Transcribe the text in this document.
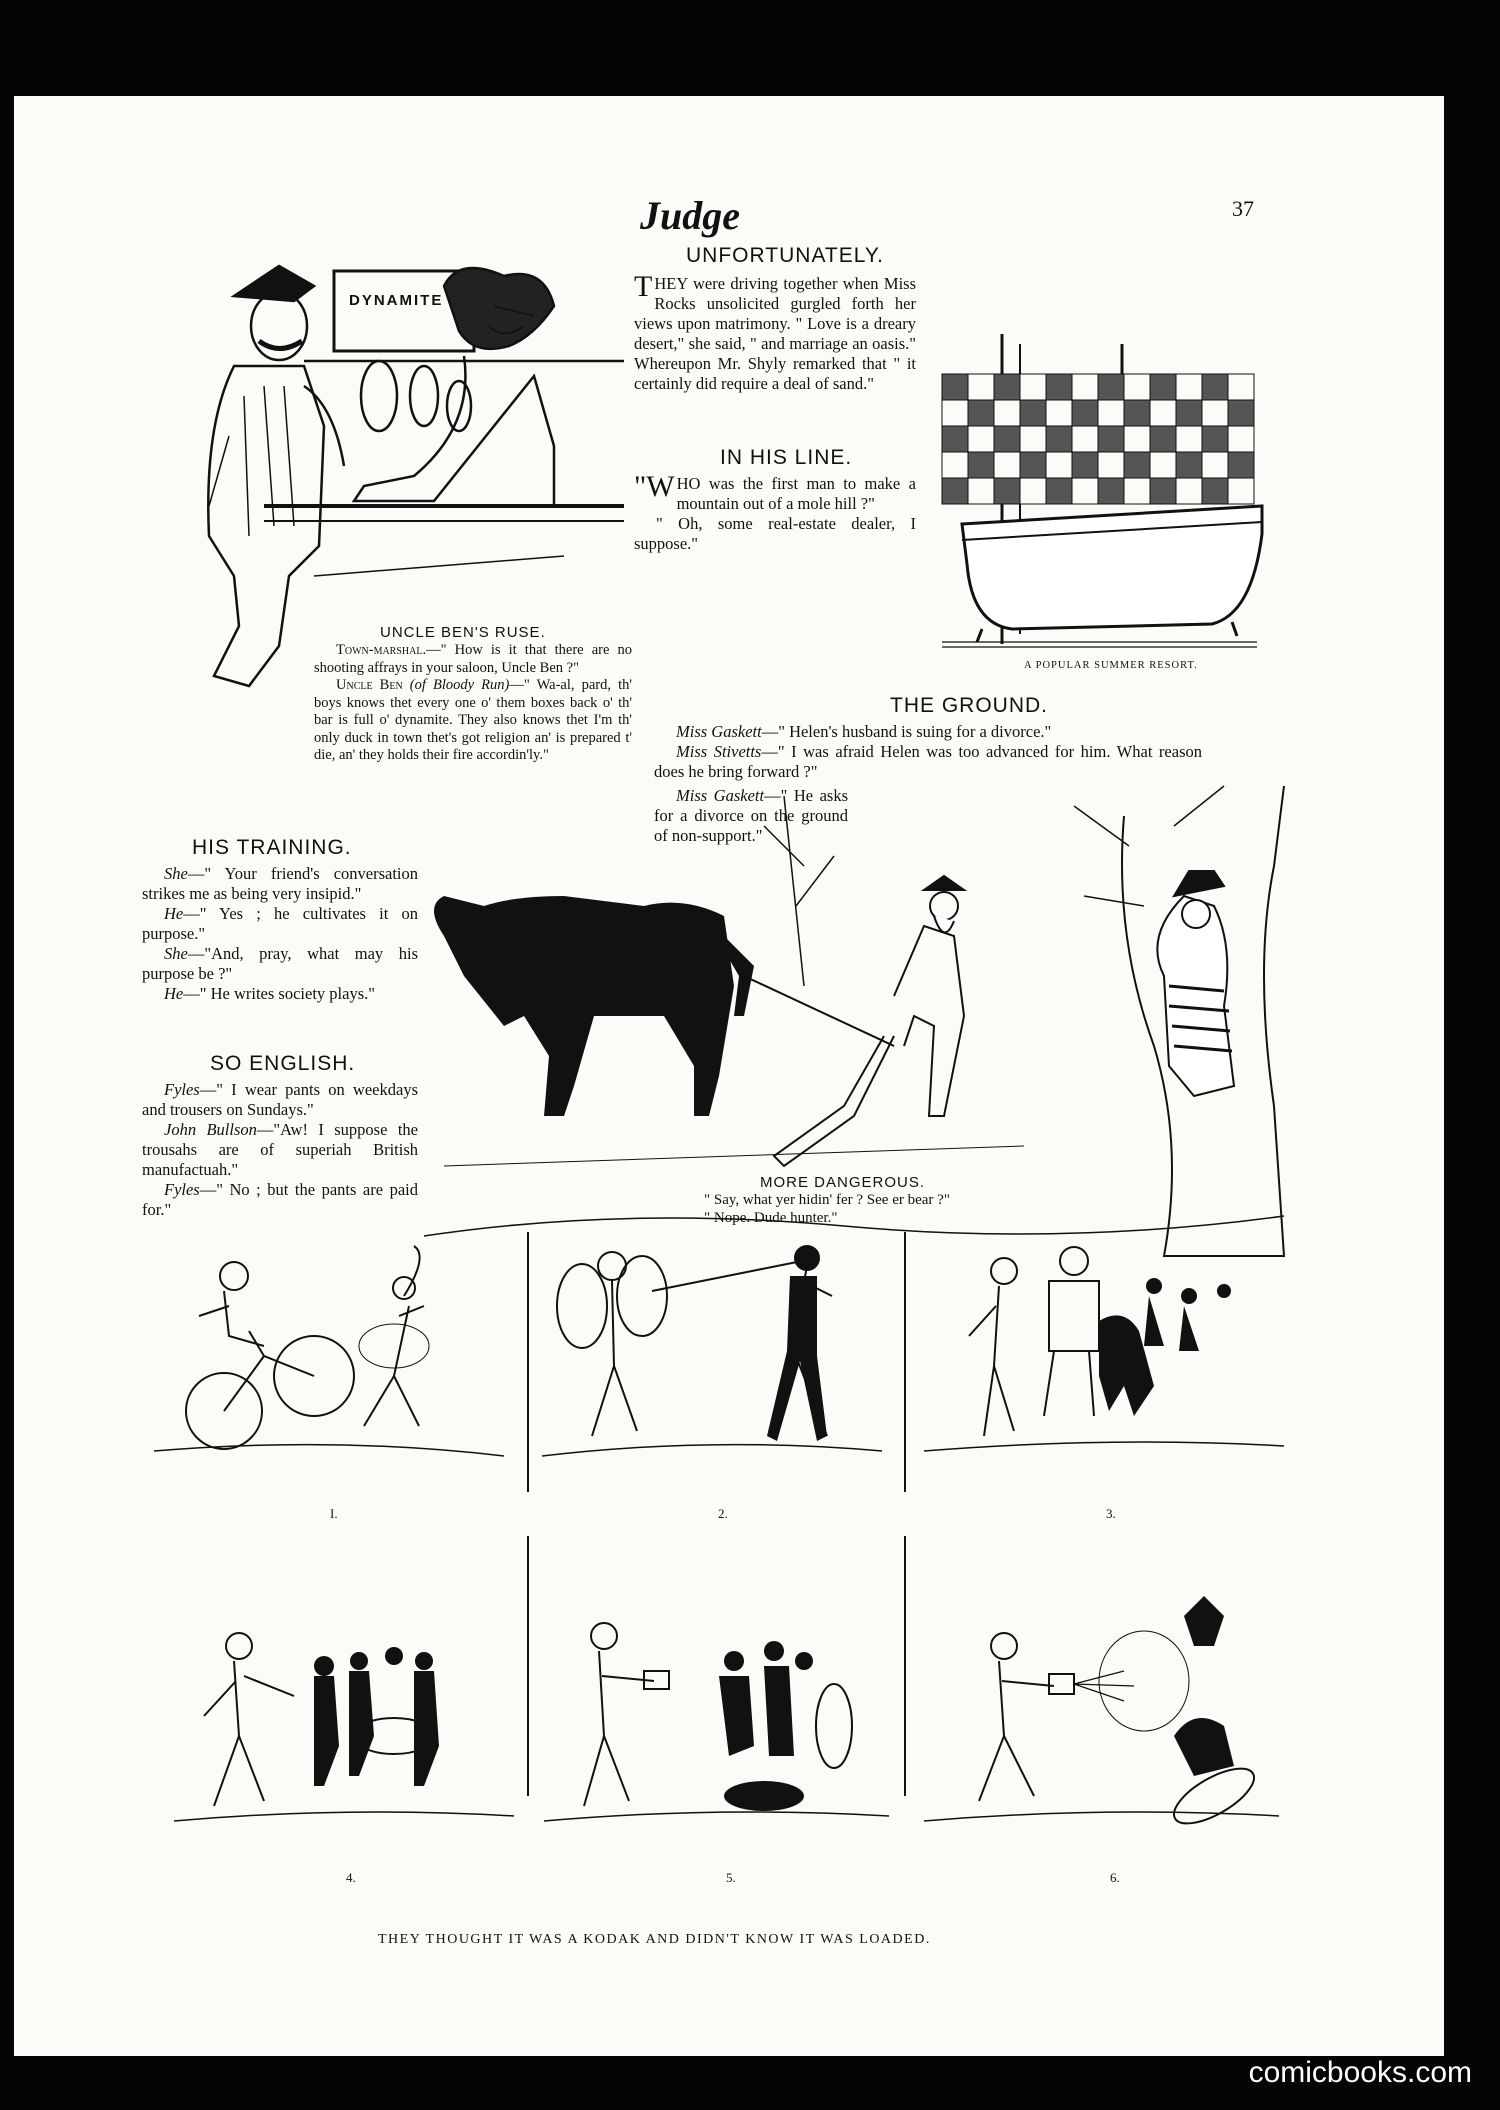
Judge	37
DYNAMITE
UNCLE BEN'S RUSE.

Town-marshal.—" How is it that there are no shooting affrays in your saloon, Uncle Ben ?"

Uncle Ben (of Bloody Run)—" Wa-al, pard, th' boys knows thet every one o' them boxes back o' th' bar is full o' dynamite. They also knows thet I'm th' only duck in town thet's got religion an' is prepared t' die, an' they holds their fire accordin'ly."

UNFORTUNATELY.

THEY were driving together when Miss Rocks unsolicited gurgled forth her views upon matrimony. " Love is a dreary desert," she said, " and marriage an oasis." Whereupon Mr. Shyly remarked that " it certainly did require a deal of sand."

IN HIS LINE.

"WHO was the first man to make a mountain out of a mole hill ?"

" Oh, some real-estate dealer, I suppose."

A POPULAR SUMMER RESORT.
THE GROUND.

Miss Gaskett—" Helen's husband is suing for a divorce."

Miss Stivetts—" I was afraid Helen was too advanced for him. What reason does he bring forward ?"

Miss Gaskett—" He asks for a divorce on the ground of non-support."

HIS TRAINING.

She—" Your friend's conversation strikes me as being very insipid."

He—" Yes ; he cultivates it on purpose."

She—"And, pray, what may his purpose be ?"

He—" He writes society plays."

SO ENGLISH.

Fyles—" I wear pants on weekdays and trousers on Sundays."

John Bullson—"Aw! I suppose the trousahs are of superiah British manufactuah."

Fyles—" No ; but the pants are paid for."

MORE DANGEROUS.
" Say, what yer hidin' fer ? See er bear ?"
" Nope. Dude hunter."
I.	2.	3.
4.	5.	6.
THEY THOUGHT IT WAS A KODAK AND DIDN'T KNOW IT WAS LOADED.
comicbooks.com
